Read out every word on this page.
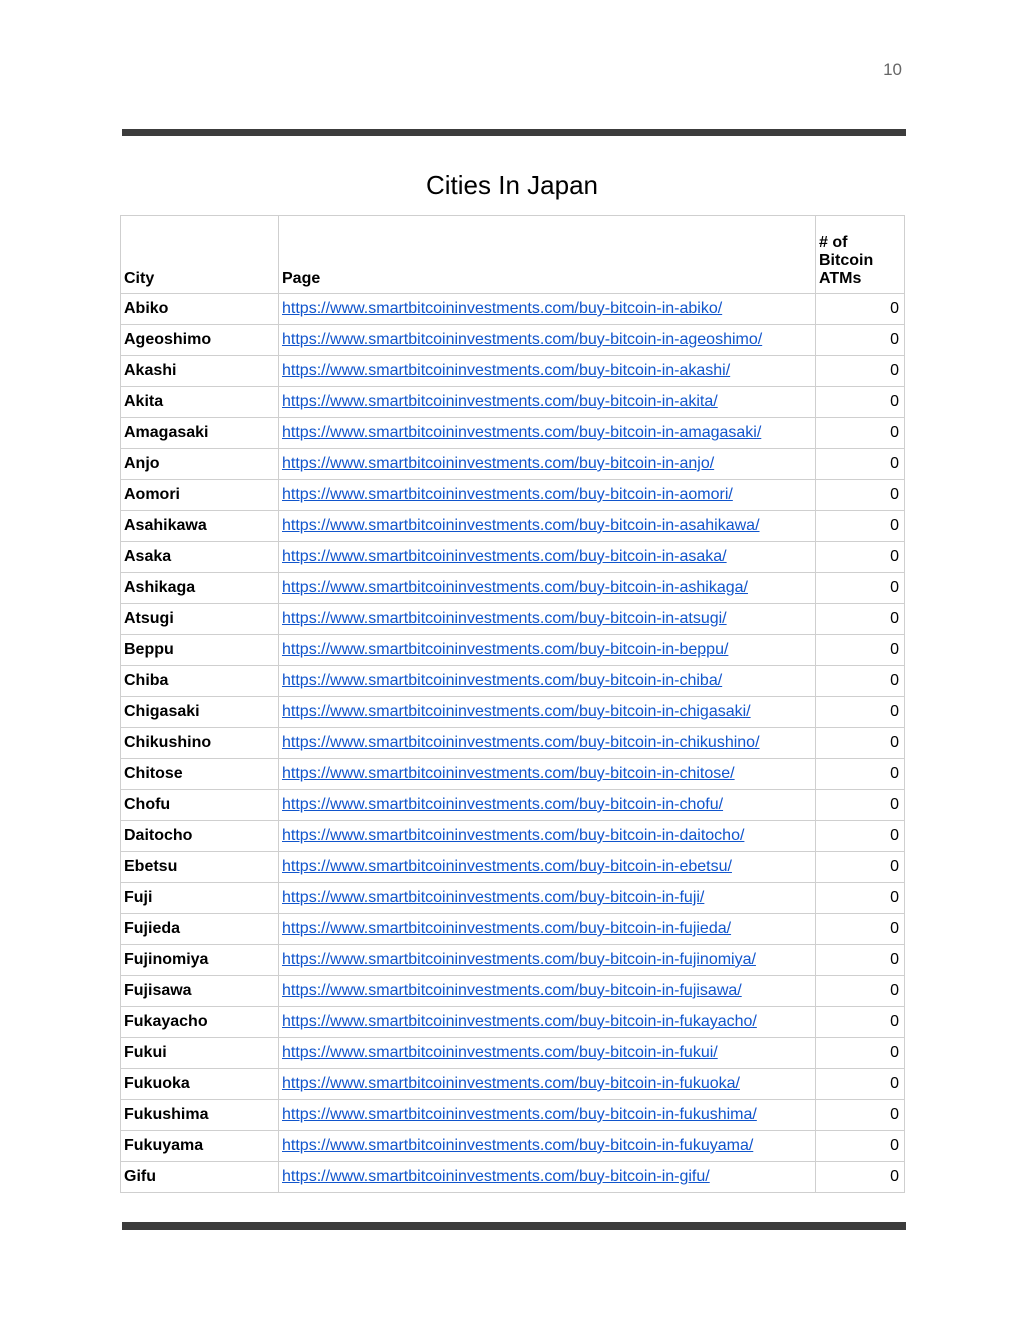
10
Cities In Japan
City	Page	# of
Bitcoin
ATMs
Abiko	https://www.smartbitcoininvestments.com/buy-bitcoin-in-abiko/	0
Ageoshimo	https://www.smartbitcoininvestments.com/buy-bitcoin-in-ageoshimo/	0
Akashi	https://www.smartbitcoininvestments.com/buy-bitcoin-in-akashi/	0
Akita	https://www.smartbitcoininvestments.com/buy-bitcoin-in-akita/	0
Amagasaki	https://www.smartbitcoininvestments.com/buy-bitcoin-in-amagasaki/	0
Anjo	https://www.smartbitcoininvestments.com/buy-bitcoin-in-anjo/	0
Aomori	https://www.smartbitcoininvestments.com/buy-bitcoin-in-aomori/	0
Asahikawa	https://www.smartbitcoininvestments.com/buy-bitcoin-in-asahikawa/	0
Asaka	https://www.smartbitcoininvestments.com/buy-bitcoin-in-asaka/	0
Ashikaga	https://www.smartbitcoininvestments.com/buy-bitcoin-in-ashikaga/	0
Atsugi	https://www.smartbitcoininvestments.com/buy-bitcoin-in-atsugi/	0
Beppu	https://www.smartbitcoininvestments.com/buy-bitcoin-in-beppu/	0
Chiba	https://www.smartbitcoininvestments.com/buy-bitcoin-in-chiba/	0
Chigasaki	https://www.smartbitcoininvestments.com/buy-bitcoin-in-chigasaki/	0
Chikushino	https://www.smartbitcoininvestments.com/buy-bitcoin-in-chikushino/	0
Chitose	https://www.smartbitcoininvestments.com/buy-bitcoin-in-chitose/	0
Chofu	https://www.smartbitcoininvestments.com/buy-bitcoin-in-chofu/	0
Daitocho	https://www.smartbitcoininvestments.com/buy-bitcoin-in-daitocho/	0
Ebetsu	https://www.smartbitcoininvestments.com/buy-bitcoin-in-ebetsu/	0
Fuji	https://www.smartbitcoininvestments.com/buy-bitcoin-in-fuji/	0
Fujieda	https://www.smartbitcoininvestments.com/buy-bitcoin-in-fujieda/	0
Fujinomiya	https://www.smartbitcoininvestments.com/buy-bitcoin-in-fujinomiya/	0
Fujisawa	https://www.smartbitcoininvestments.com/buy-bitcoin-in-fujisawa/	0
Fukayacho	https://www.smartbitcoininvestments.com/buy-bitcoin-in-fukayacho/	0
Fukui	https://www.smartbitcoininvestments.com/buy-bitcoin-in-fukui/	0
Fukuoka	https://www.smartbitcoininvestments.com/buy-bitcoin-in-fukuoka/	0
Fukushima	https://www.smartbitcoininvestments.com/buy-bitcoin-in-fukushima/	0
Fukuyama	https://www.smartbitcoininvestments.com/buy-bitcoin-in-fukuyama/	0
Gifu	https://www.smartbitcoininvestments.com/buy-bitcoin-in-gifu/	0
